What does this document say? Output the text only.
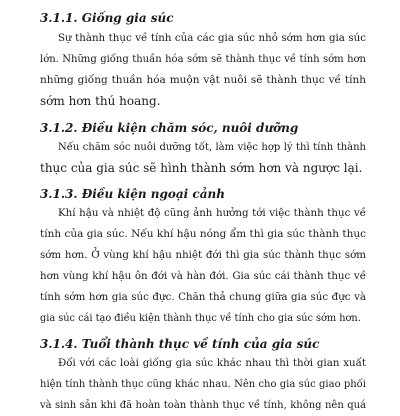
3.1.1. Giống gia súc
Sự thành thục về tính của các gia súc nhỏ sớm hơn gia súc
lớn. Những giống thuần hóa sớm sẽ thành thục về tính sớm hơn
những giống thuần hóa muộn vật nuôi sẽ thành thục về tính
sớm hơn thú hoang.
3.1.2. Điều kiện chăm sóc, nuôi dưỡng
Nếu chăm sóc nuôi dưỡng tốt, làm việc hợp lý thì tính thành
thục của gia súc sẽ hình thành sớm hơn và ngược lại.
3.1.3. Điều kiện ngoại cảnh
Khí hậu và nhiệt độ cũng ảnh hưởng tới việc thành thục về
tính của gia súc. Nếu khí hậu nóng ẩm thì gia súc thành thục
sớm hơn. Ở vùng khí hậu nhiệt đới thì gia súc thành thục sớm
hơn vùng khí hậu ôn đới và hàn đới. Gia súc cái thành thục về
tính sớm hơn gia súc đực. Chăn thả chung giữa gia súc đực và
gia súc cái tạo điều kiện thành thục về tính cho gia súc sớm hơn.
3.1.4. Tuổi thành thục về tính của gia súc
Đối với các loài giống gia súc khác nhau thì thời gian xuất
hiện tính thành thục cũng khác nhau. Nên cho gia súc giao phối
và sinh sản khi đã hoàn toàn thành thục về tính, không nên quá
